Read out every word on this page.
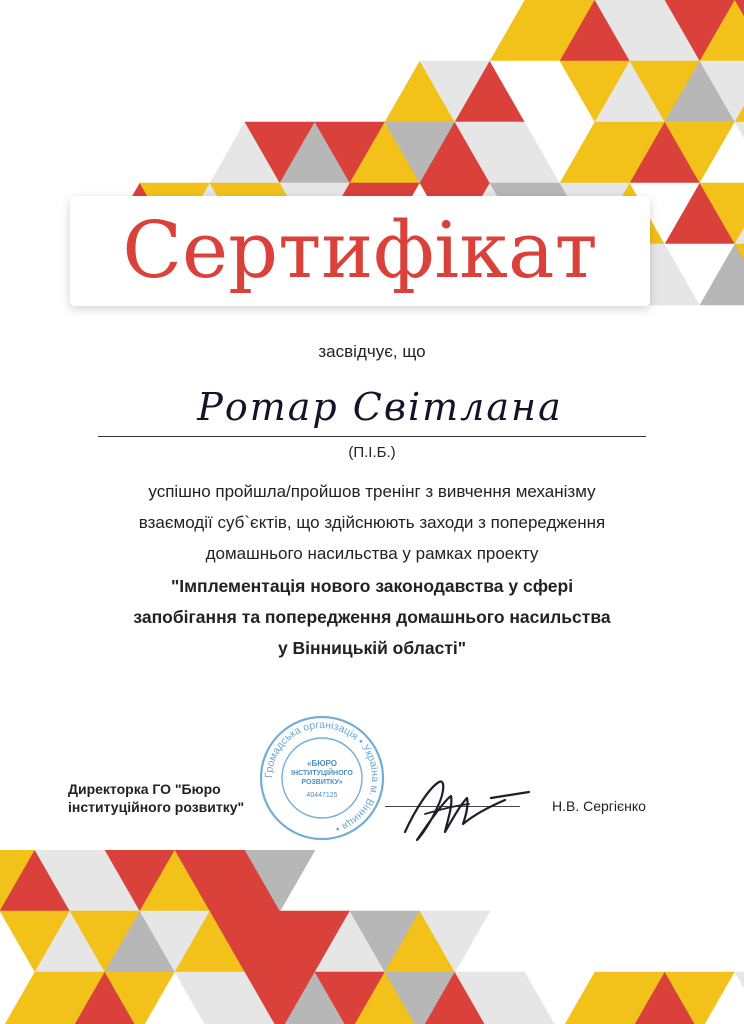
Сертифікат
засвідчує, що
Ротар Світлана
(П.І.Б.)
успішно пройшла/пройшов тренінг з вивчення механізму
взаємодії суб`єктів, що здійснюють заходи з попередження
домашнього насильства у рамках проекту
"Імплементація нового законодавства у сфері
запобігання та попередження домашнього насильства
у Вінницькій області"
Директорка ГО "Бюро
інституційного розвитку"
Громадська організація • Україна м. Вінниця •
«БЮРО
ІНСТИТУЦІЙНОГО
РОЗВИТКУ»
40447125
Н.В. Сергієнко
